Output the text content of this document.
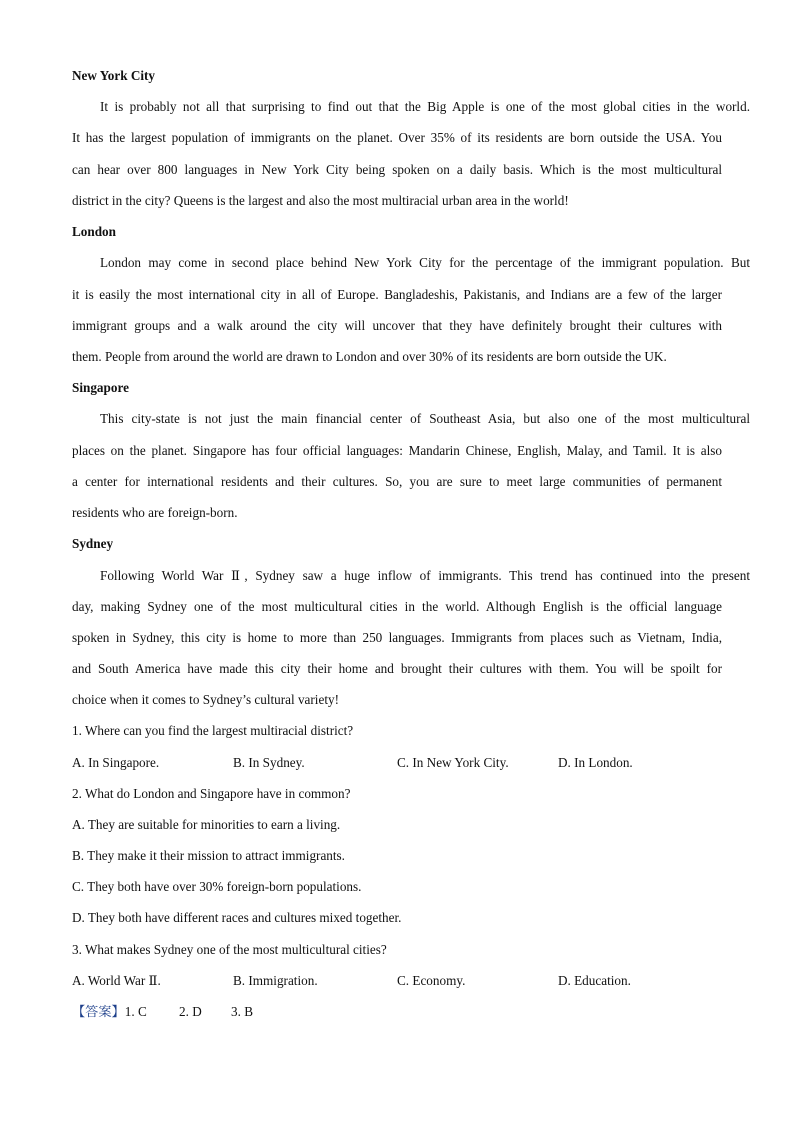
New York City
It is probably not all that surprising to find out that the Big Apple is one of the most global cities in the world.
It has the largest population of immigrants on the planet. Over 35% of its residents are born outside the USA. You
can hear over 800 languages in New York City being spoken on a daily basis. Which is the most multicultural
district in the city? Queens is the largest and also the most multiracial urban area in the world!
London
London may come in second place behind New York City for the percentage of the immigrant population. But
it is easily the most international city in all of Europe. Bangladeshis, Pakistanis, and Indians are a few of the larger
immigrant groups and a walk around the city will uncover that they have definitely brought their cultures with
them. People from around the world are drawn to London and over 30% of its residents are born outside the UK.
Singapore
This city-state is not just the main financial center of Southeast Asia, but also one of the most multicultural
places on the planet. Singapore has four official languages: Mandarin Chinese, English, Malay, and Tamil. It is also
a center for international residents and their cultures. So, you are sure to meet large communities of permanent
residents who are foreign-born.
Sydney
Following World War Ⅱ, Sydney saw a huge inflow of immigrants. This trend has continued into the present
day, making Sydney one of the most multicultural cities in the world. Although English is the official language
spoken in Sydney, this city is home to more than 250 languages. Immigrants from places such as Vietnam, India,
and South America have made this city their home and brought their cultures with them. You will be spoilt for
choice when it comes to Sydney’s cultural variety!
1. Where can you find the largest multiracial district?
A. In Singapore.	B. In Sydney.	C. In New York City.	D. In London.
2. What do London and Singapore have in common?
A. They are suitable for minorities to earn a living.
B. They make it their mission to attract immigrants.
C. They both have over 30% foreign-born populations.
D. They both have different races and cultures mixed together.
3. What makes Sydney one of the most multicultural cities?
A. World War Ⅱ.	B. Immigration.	C. Economy.	D. Education.
【答案】1. C 2. D 3. B
